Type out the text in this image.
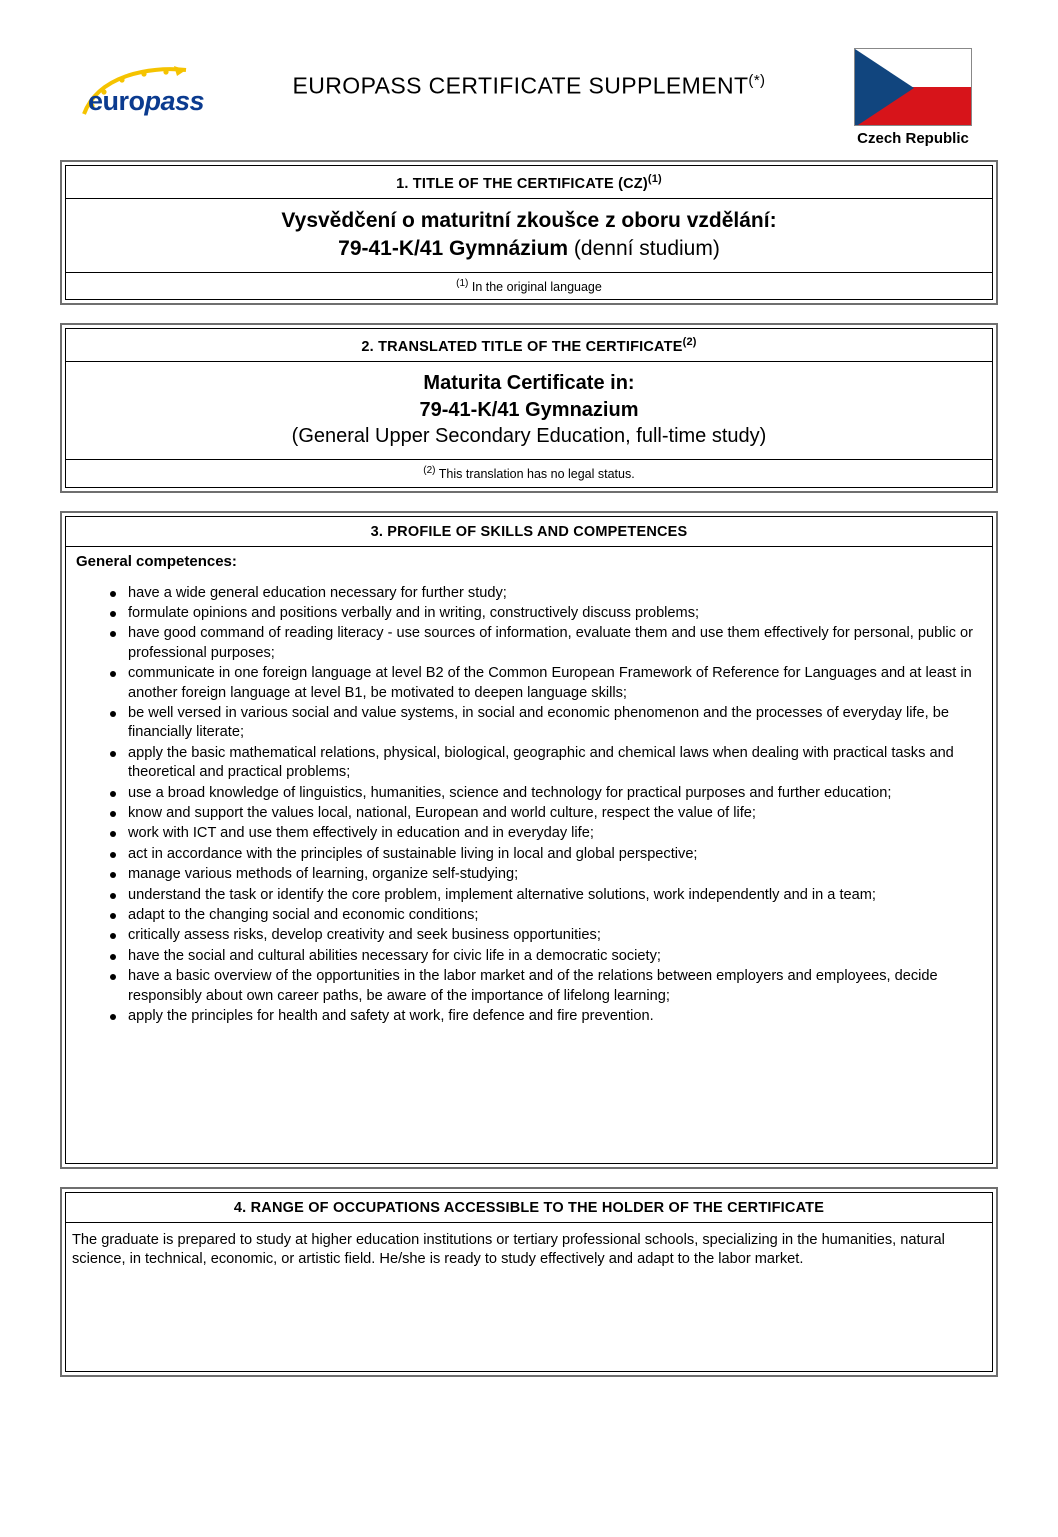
europass
EUROPASS CERTIFICATE SUPPLEMENT(*)
Czech Republic
1. TITLE OF THE CERTIFICATE (CZ)$^{(1)}$
Vysvědčení o maturitní zkoušce z oboru vzdělání:
79-41-K/41 Gymnázium (denní studium)
$^{(1)}$ In the original language
2. TRANSLATED TITLE OF THE CERTIFICATE$^{(2)}$
Maturita Certificate in:
79-41-K/41 Gymnazium
(General Upper Secondary Education, full-time study)
$^{(2)}$ This translation has no legal status.
3. PROFILE OF SKILLS AND COMPETENCES
General competences:
have a wide general education necessary for further study;
formulate opinions and positions verbally and in writing, constructively discuss problems;
have good command of reading literacy - use sources of information, evaluate them and use them effectively for personal, public or professional purposes;
communicate in one foreign language at level B2 of the Common European Framework of Reference for Languages and at least in another foreign language at level B1, be motivated to deepen language skills;
be well versed in various social and value systems, in social and economic phenomenon and the processes of everyday life, be financially literate;
apply the basic mathematical relations, physical, biological, geographic and chemical laws when dealing with practical tasks and theoretical and practical problems;
use a broad knowledge of linguistics, humanities, science and technology for practical purposes and further education;
know and support the values local, national, European and world culture, respect the value of life;
work with ICT and use them effectively in education and in everyday life;
act in accordance with the principles of sustainable living in local and global perspective;
manage various methods of learning, organize self-studying;
understand the task or identify the core problem, implement alternative solutions, work independently and in a team;
adapt to the changing social and economic conditions;
critically assess risks, develop creativity and seek business opportunities;
have the social and cultural abilities necessary for civic life in a democratic society;
have a basic overview of the opportunities in the labor market and of the relations between employers and employees, decide responsibly about own career paths, be aware of the importance of lifelong learning;
apply the principles for health and safety at work, fire defence and fire prevention.
4. RANGE OF OCCUPATIONS ACCESSIBLE TO THE HOLDER OF THE CERTIFICATE
The graduate is prepared to study at higher education institutions or tertiary professional schools, specializing in the humanities, natural science, in technical, economic, or artistic field. He/she is ready to study effectively and adapt to the labor market.
